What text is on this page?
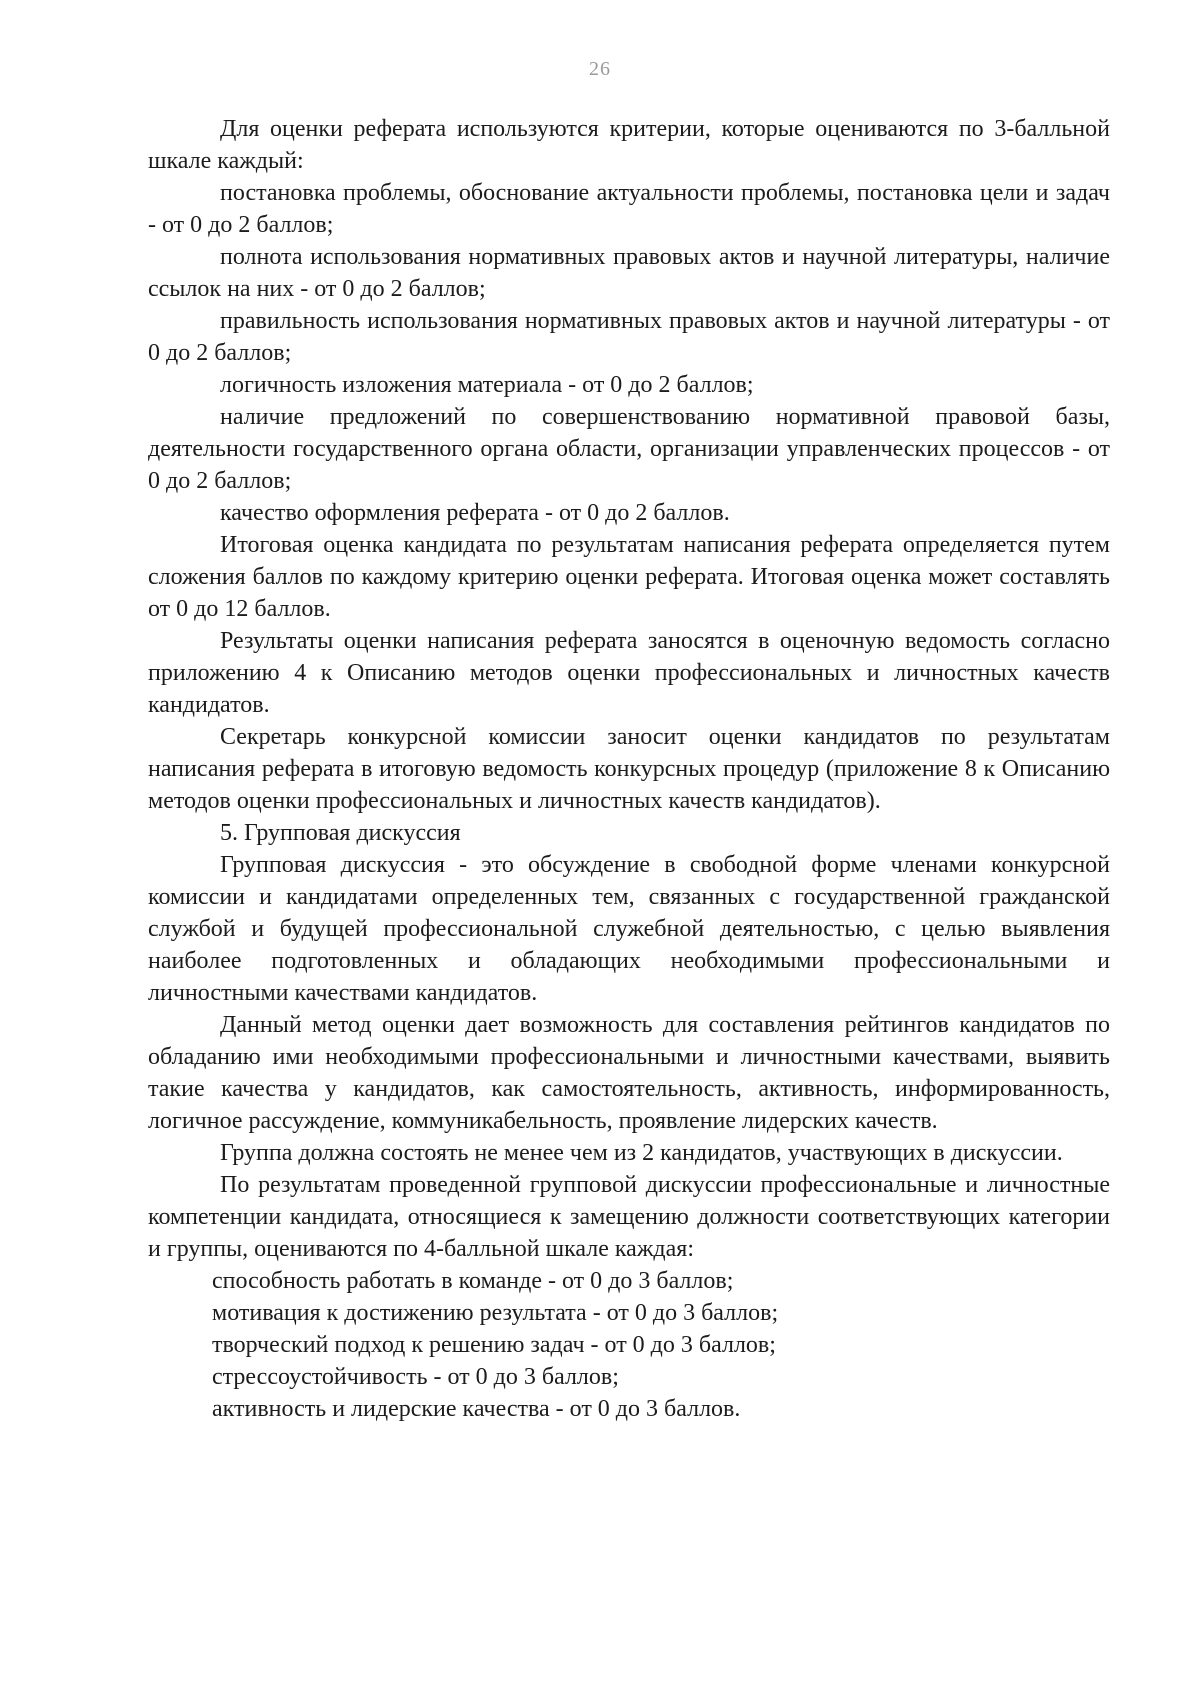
26

Для оценки реферата используются критерии, которые оцениваются по 3-балльной шкале каждый:

постановка проблемы, обоснование актуальности проблемы, постановка цели и задач - от 0 до 2 баллов;

полнота использования нормативных правовых актов и научной литературы, наличие ссылок на них - от 0 до 2 баллов;

правильность использования нормативных правовых актов и научной литературы - от 0 до 2 баллов;

логичность изложения материала - от 0 до 2 баллов;

наличие предложений по совершенствованию нормативной правовой базы, деятельности государственного органа области, организации управленческих процессов - от 0 до 2 баллов;

качество оформления реферата - от 0 до 2 баллов.

Итоговая оценка кандидата по результатам написания реферата определяется путем сложения баллов по каждому критерию оценки реферата. Итоговая оценка может составлять от 0 до 12 баллов.

Результаты оценки написания реферата заносятся в оценочную ведомость согласно приложению 4 к Описанию методов оценки профессиональных и личностных качеств кандидатов.

Секретарь конкурсной комиссии заносит оценки кандидатов по результатам написания реферата в итоговую ведомость конкурсных процедур (приложение 8 к Описанию методов оценки профессиональных и личностных качеств кандидатов).

5. Групповая дискуссия

Групповая дискуссия - это обсуждение в свободной форме членами конкурсной комиссии и кандидатами определенных тем, связанных с государственной гражданской службой и будущей профессиональной служебной деятельностью, с целью выявления наиболее подготовленных и обладающих необходимыми профессиональными и личностными качествами кандидатов.

Данный метод оценки дает возможность для составления рейтингов кандидатов по обладанию ими необходимыми профессиональными и личностными качествами, выявить такие качества у кандидатов, как самостоятельность, активность, информированность, логичное рассуждение, коммуникабельность, проявление лидерских качеств.

Группа должна состоять не менее чем из 2 кандидатов, участвующих в дискуссии.

По результатам проведенной групповой дискуссии профессиональные и личностные компетенции кандидата, относящиеся к замещению должности соответствующих категории и группы, оцениваются по 4-балльной шкале каждая:

способность работать в команде - от 0 до 3 баллов;

мотивация к достижению результата - от 0 до 3 баллов;

творческий подход к решению задач - от 0 до 3 баллов;

стрессоустойчивость - от 0 до 3 баллов;

активность и лидерские качества - от 0 до 3 баллов.
